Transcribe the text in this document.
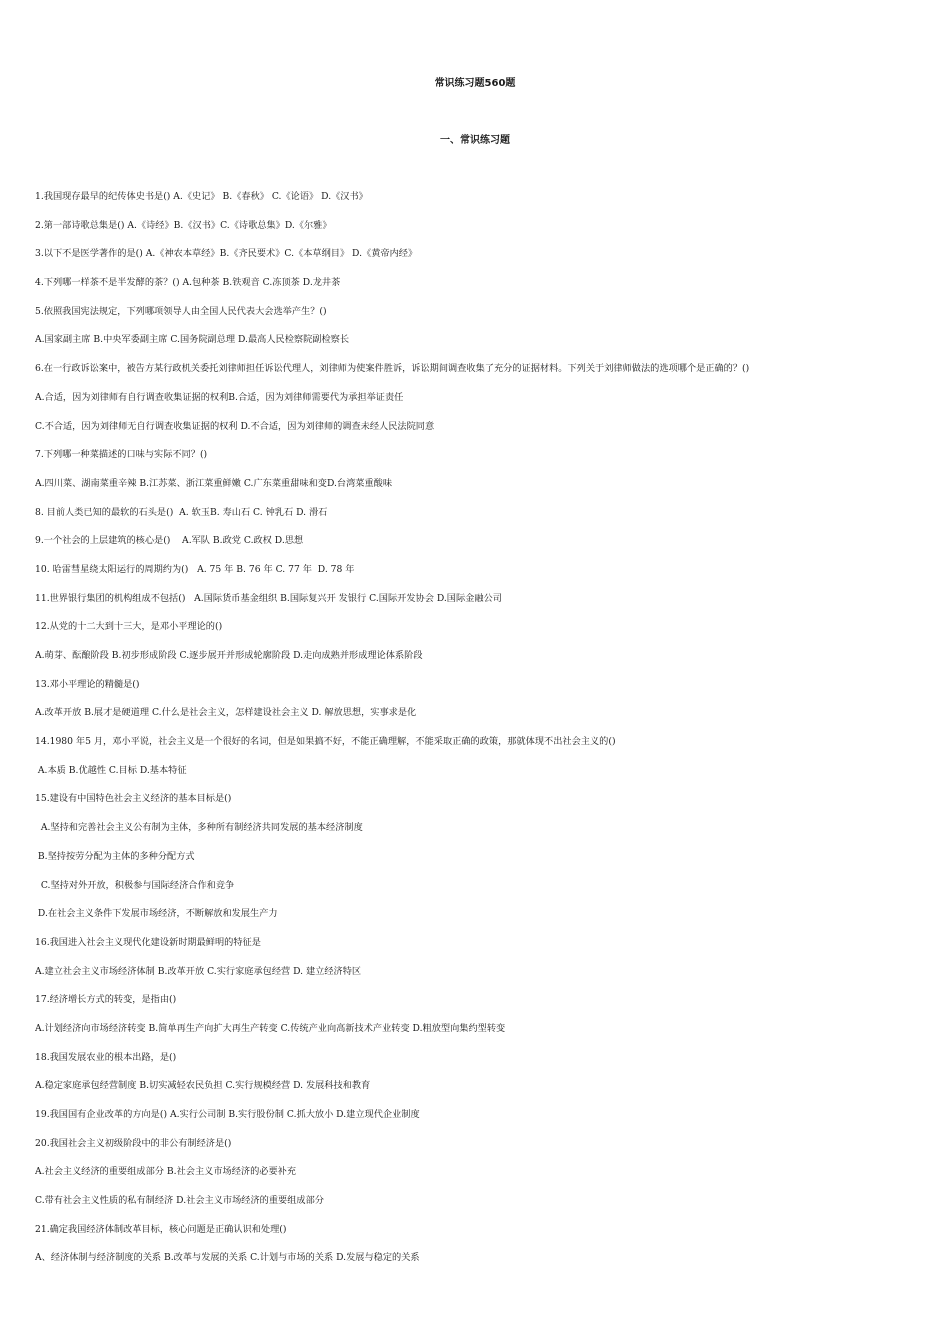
常识练习题560题
一、常识练习题
1.我国现存最早的纪传体史书是() A.《史记》 B.《春秋》 C.《论语》 D.《汉书》
2.第一部诗歌总集是() A.《诗经》B.《汉书》C.《诗歌总集》D.《尔雅》
3.以下不是医学著作的是() A.《神农本草经》B.《齐民要术》C.《本草纲目》 D.《黄帝内经》
4.下列哪一样茶不是半发酵的茶？() A.包种茶 B.铁观音 C.冻顶茶 D.龙井茶
5.依照我国宪法规定，下列哪项领导人由全国人民代表大会选举产生？()
A.国家副主席 B.中央军委副主席 C.国务院副总理 D.最高人民检察院副检察长
6.在一行政诉讼案中，被告方某行政机关委托刘律师担任诉讼代理人，刘律师为使案件胜诉，诉讼期间调查收集了充分的证据材料。下列关于刘律师做法的选项哪个是正确的？()
A.合适，因为刘律师有自行调查收集证据的权利B.合适，因为刘律师需要代为承担举证责任
C.不合适，因为刘律师无自行调查收集证据的权利 D.不合适，因为刘律师的调查未经人民法院同意
7.下列哪一种菜描述的口味与实际不同？()
A.四川菜、湖南菜重辛辣 B.江苏菜、浙江菜重鲜嫩 C.广东菜重甜味和变D.台湾菜重酸味
8. 目前人类已知的最软的石头是()  A. 软玉B. 寿山石 C. 钟乳石 D. 滑石
9.一个社会的上层建筑的核心是()    A.军队 B.政党 C.政权 D.思想
10. 哈雷彗星绕太阳运行的周期约为()   A. 75 年 B. 76 年 C. 77 年  D. 78 年
11.世界银行集团的机构组成不包括()   A.国际货币基金组织 B.国际复兴开 发银行 C.国际开发协会 D.国际金融公司
12.从党的十二大到十三大，是邓小平理论的()
A.萌芽、酝酿阶段 B.初步形成阶段 C.逐步展开并形成轮廓阶段 D.走向成熟并形成理论体系阶段
13.邓小平理论的精髓是()
A.改革开放 B.展才是硬道理 C.什么是社会主义，怎样建设社会主义 D. 解放思想，实事求是化
14.1980 年5 月，邓小平说，社会主义是一个很好的名词，但是如果搞不好，不能正确理解，不能采取正确的政策，那就体现不出社会主义的()
A.本质 B.优越性 C.目标 D.基本特征
15.建设有中国特色社会主义经济的基本目标是()
A.坚持和完善社会主义公有制为主体，多种所有制经济共同发展的基本经济制度
B.坚持按劳分配为主体的多种分配方式
C.坚持对外开放，积极参与国际经济合作和竞争
D.在社会主义条件下发展市场经济，不断解放和发展生产力
16.我国进入社会主义现代化建设新时期最鲜明的特征是
A.建立社会主义市场经济体制 B.改革开放 C.实行家庭承包经营 D. 建立经济特区
17.经济增长方式的转变，是指由()
A.计划经济向市场经济转变 B.简单再生产向扩大再生产转变 C.传统产业向高新技术产业转变 D.粗放型向集约型转变
18.我国发展农业的根本出路，是()
A.稳定家庭承包经营制度 B.切实减轻农民负担 C.实行规模经营 D. 发展科技和教育
19.我国国有企业改革的方向是() A.实行公司制 B.实行股份制 C.抓大放小 D.建立现代企业制度
20.我国社会主义初级阶段中的非公有制经济是()
A.社会主义经济的重要组成部分 B.社会主义市场经济的必要补充
C.带有社会主义性质的私有制经济 D.社会主义市场经济的重要组成部分
21.确定我国经济体制改革目标，核心问题是正确认识和处理()
A、经济体制与经济制度的关系 B.改革与发展的关系 C.计划与市场的关系 D.发展与稳定的关系
